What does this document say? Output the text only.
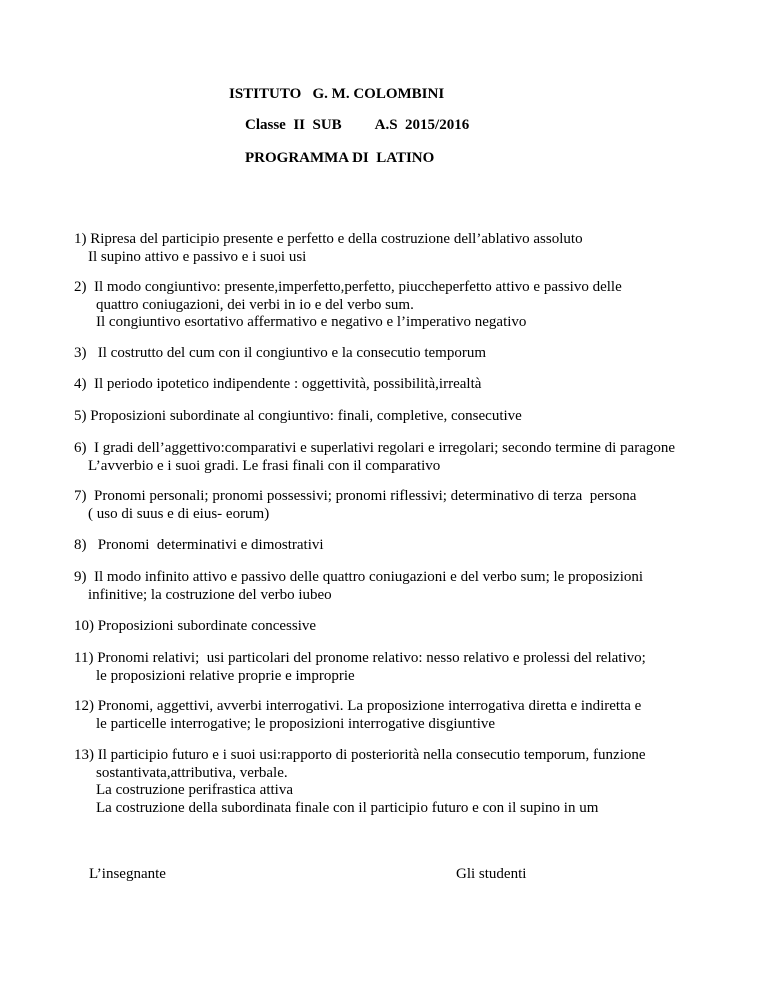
ISTITUTO   G. M. COLOMBINI
Classe  II  SUB         A.S  2015/2016
PROGRAMMA DI  LATINO
1) Ripresa del participio presente e perfetto e della costruzione dell’ablativo assoluto
Il supino attivo e passivo e i suoi usi
2)  Il modo congiuntivo: presente,imperfetto,perfetto, piuccheperfetto attivo e passivo delle
quattro coniugazioni, dei verbi in io e del verbo sum.
Il congiuntivo esortativo affermativo e negativo e l’imperativo negativo
3)   Il costrutto del cum con il congiuntivo e la consecutio temporum
4)  Il periodo ipotetico indipendente : oggettività, possibilità,irrealtà
5) Proposizioni subordinate al congiuntivo: finali, completive, consecutive
6)  I gradi dell’aggettivo:comparativi e superlativi regolari e irregolari; secondo termine di paragone
L’avverbio e i suoi gradi. Le frasi finali con il comparativo
7)  Pronomi personali; pronomi possessivi; pronomi riflessivi; determinativo di terza  persona
( uso di suus e di eius- eorum)
8)   Pronomi  determinativi e dimostrativi
9)  Il modo infinito attivo e passivo delle quattro coniugazioni e del verbo sum; le proposizioni
infinitive; la costruzione del verbo iubeo
10) Proposizioni subordinate concessive
11) Pronomi relativi;  usi particolari del pronome relativo: nesso relativo e prolessi del relativo;
le proposizioni relative proprie e improprie
12) Pronomi, aggettivi, avverbi interrogativi. La proposizione interrogativa diretta e indiretta e
le particelle interrogative; le proposizioni interrogative disgiuntive
13) Il participio futuro e i suoi usi:rapporto di posteriorità nella consecutio temporum, funzione
sostantivata,attributiva, verbale.
La costruzione perifrastica attiva
La costruzione della subordinata finale con il participio futuro e con il supino in um
L’insegnante	Gli studenti
